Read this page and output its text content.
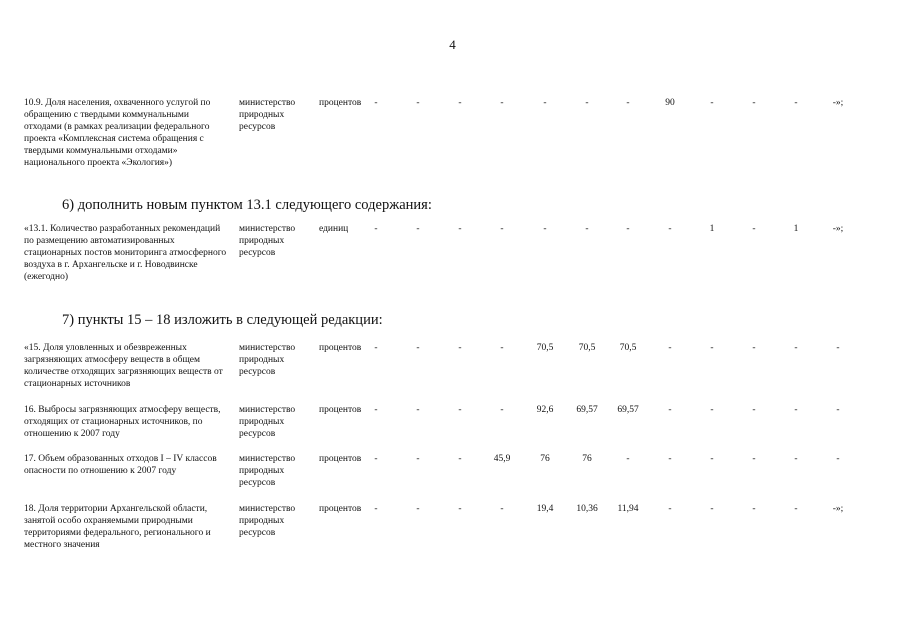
4
10.9. Доля населения, охваченного услугой по обращению с твердыми коммунальными отходами (в рамках реализации федерального проекта «Комплексная система обращения с твердыми коммунальными отходами» национального проекта «Экология»)
министерство природных ресурсов
процентов	-	-	-	-	-	-	-	90	-	-	-	-»;
«13.1. Количество разработанных рекомендаций по размещению автоматизированных стационарных постов мониторинга атмосферного воздуха в г. Архангельске и г. Новодвинске (ежегодно)
министерство природных ресурсов
единиц	-	-	-	-	-	-	-	-	1	-	1	-»;
«15. Доля уловленных и обезвреженных загрязняющих атмосферу веществ в общем количестве отходящих загрязняющих веществ от стационарных источников
министерство природных ресурсов
процентов	-	-	-	-	70,5	70,5	70,5	-	-	-	-	-
16. Выбросы загрязняющих атмосферу веществ, отходящих от стационарных источников, по отношению к 2007 году
министерство природных ресурсов
процентов	-	-	-	-	92,6	69,57	69,57	-	-	-	-	-
17. Объем образованных отходов I – IV классов опасности по отношению к 2007 году
министерство природных ресурсов
процентов	-	-	-	45,9	76	76	-	-	-	-	-	-
18. Доля территории Архангельской области, занятой особо охраняемыми природными территориями федерального, регионального и местного значения
министерство природных ресурсов
процентов	-	-	-	-	19,4	10,36	11,94	-	-	-	-	-»;
6) дополнить новым пунктом 13.1 следующего содержания:
7) пункты 15 – 18 изложить в следующей редакции:
